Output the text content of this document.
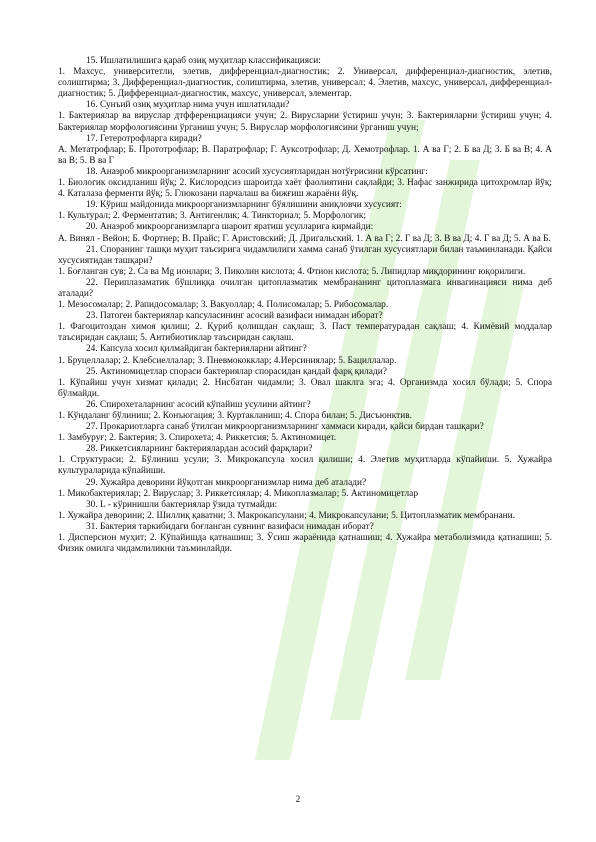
15. Ишлатилишига қараб озиқ муҳитлар классификацияси:

1. Махсус, университетли, элетив, дифференциал-диагностик; 2. Универсал, дифференциал-диагностик, элетив, солиштирма; 3. Дифференциал-диагностик, солиштирма, элетив, универсал; 4. Элетив, махсус, универсал, дифференциал-диагностик; 5. Дифференциал-диагностик, махсус, универсал, элементар.

16. Сунъий озиқ муҳитлар нима учун ишлатилади?

1. Бактериялар ва вируслар дтфференциацияси учун; 2. Вирусларни ўстириш учун; 3. Бактерияларни ўстириш учун; 4. Бактериялар морфологиясини ўрганиш учун; 5. Вируслар морфологиясини ўрганиш учун;

17. Гетеротрофларга киради?

А. Метатрофлар; Б. Прототрофлар; В. Паратрофлар; Г. Ауксотрофлар; Д. Хемотрофлар. 1. А ва Г; 2. Б ва Д; 3. Б ва В; 4. А ва В; 5. В ва Г

18. Анаэроб микроорганизмларнинг асосий хусусиятларидан нотўғрисини кўрсатинг:

1. Биологик оксидланиш йўқ; 2. Кислородсиз шароитда хаёт фаолиятини сақлайди; 3. Нафас занжирида цитохромлар йўқ; 4. Каталаза ферменти йўқ; 5. Глюкозани парчалаш ва бижғиш жараёни йўқ.

19. Кўриш майдонида микроорганизмларнинг бўялишини аниқловчи хусусият:

1. Культурал; 2. Ферментатив; 3. Антигенлик; 4. Тинкториал; 5. Морфологик;

20. Анаэроб микроорганизмларга шароит яратиш усулларига кирмайди:

А. Винял - Вейон; Б. Фортнер; В. Прайс; Г. Аристовский; Д. Дригальский. 1. А ва Г; 2. Г ва Д; 3. В ва Д; 4. Г ва Д; 5. А ва Б.

21. Споранинг ташқи муҳит таъсирига чидамлилиги хамма санаб ўтилган хусусиятлари билан таъминланади. Қайси хусусиятидан ташқари?

1. Боғланган сув; 2. Са ва Mg ионлари; 3. Пиколин кислота; 4. Фтион кислота; 5. Липидлар миқдорининг юқорилиги.

22. Периплазаматик бўшлиққа очилган цитоплазматик мембрананинг цитоплазмага инвагинацияси нима деб аталади?

1. Мезосомалар; 2. Рапидосомалар; 3. Вакуоллар; 4. Полисомалар; 5. Рибосомалар.

23. Патоген бактериялар капсуласининг асосий вазифаси нимадан иборат?

1. Фагоцитоздан химоя қилиш; 2. Қуриб қолишдан сақлаш; 3. Паст температурадан сақлаш; 4. Кимёвий моддалар таъсиридан сақлаш; 5. Антибиотиклар таъсиридан сақлаш.

24. Капсула хосил қилмайдиган бактерияларни айтинг?

1. Бруцеллалар; 2. Клебсиеллалар; 3. Пневмококклар; 4.Иерсиниялар; 5. Бациллалар.

25. Актиномицетлар спораси бактериялар спорасидан қандай фарқ қилади?

1. Кўпайиш учун хизмат қилади; 2. Нисбатан чидамли; 3. Овал шаклга эга; 4. Организмда хосил бўлади; 5. Спора бўлмайди.

26. Спирохеталарнинг асосий кўпайиш усулини айтинг?

1. Кўндаланг бўлиниш; 2. Конъюгация; 3. Куртакланиш; 4. Спора билан; 5. Дисъюнктив.

27. Прокариотларга санаб ўтилган микроорганизмларнинг хаммаси киради, қайси бирдан ташқари?

1. Замбуруғ; 2. Бактерия; 3. Спирохета; 4. Риккетсия; 5. Актиномицет.

28. Риккетсияларнинг бактериялардан асосий фарқлари?

1. Структураси; 2. Бўлиниш усули; 3. Микрокапсула хосил қилиши; 4. Элетив муҳитларда кўпайиши. 5. Хужайра культураларида кўпайиши.

29. Хужайра деворини йўқотган микроорганизмлар нима деб аталади?

1. Микобактериялар; 2. Вируслар; 3. Риккетсиялар; 4. Микоплазмалар; 5. Актиномицетлар

30. L - кўринишли бактериялар ўзида тутмайди:

1. Хужайра деворини; 2. Шиллиқ қаватни; 3. Макрокапсулани; 4. Микрокапсулани; 5. Цитоплазматик мембранани.

31. Бактерия таркибидаги боғланган сувнинг вазифаси нимадан иборат?

1. Дисперсион муҳит; 2. Кўпайишда қатнашиш; 3. Ўсиш жараёнида қатнашиш; 4. Хужайра метаболизмида қатнашиш; 5. Физик омилга чидамлиликни таъминлайди.

2
